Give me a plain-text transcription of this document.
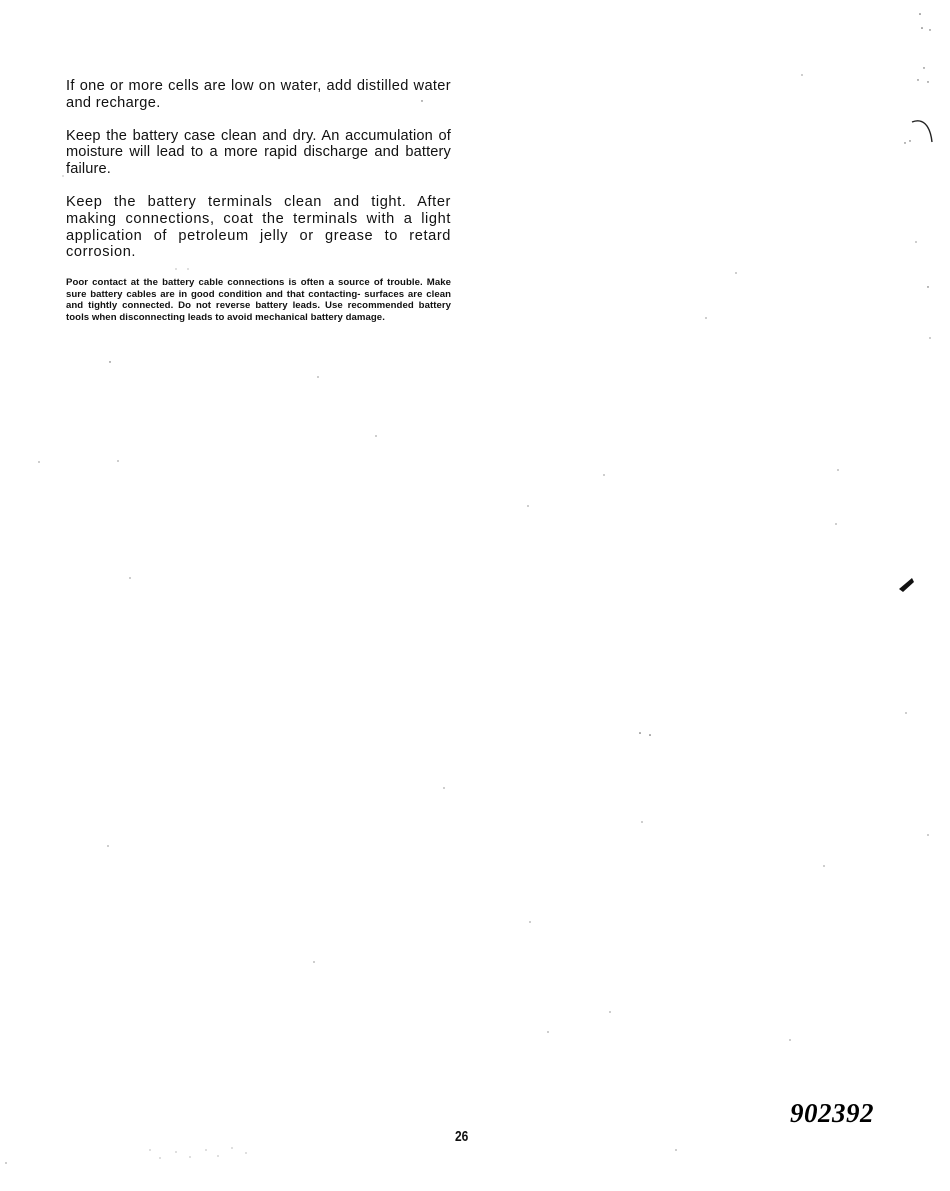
If one or more cells are low on water, add distilled water and recharge.

Keep the battery case clean and dry. An accumulation of moisture will lead to a more rapid discharge and battery failure.

Keep the battery terminals clean and tight. After making connections, coat the terminals with a light application of petroleum jelly or grease to retard corrosion.

Poor contact at the battery cable connections is often a source of trouble. Make sure battery cables are in good condition and that contacting- surfaces are clean and tightly connected. Do not reverse battery leads. Use recommended battery tools when disconnecting leads to avoid mechanical battery damage.

26
902392
